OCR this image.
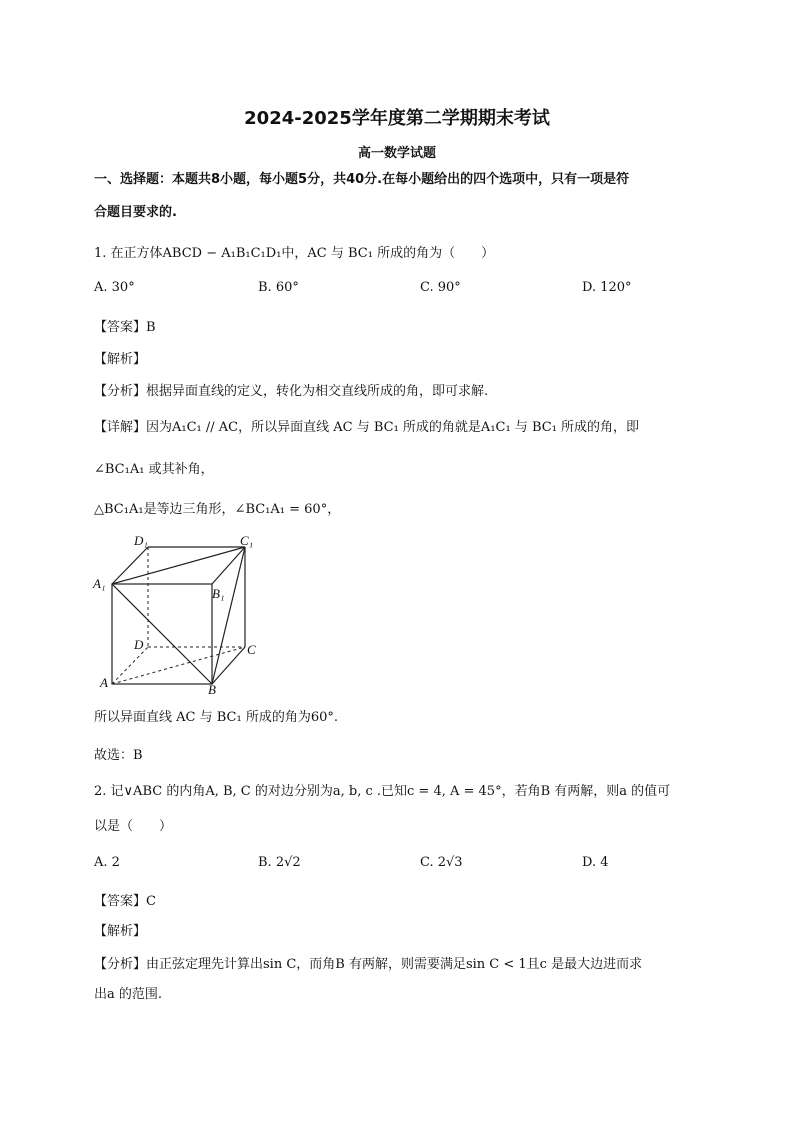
2024-2025学年度第二学期期末考试
高一数学试题
一、选择题：本题共8小题，每小题5分，共40分.在每小题给出的四个选项中，只有一项是符
合题目要求的.
1. 在正方体ABCD − A₁B₁C₁D₁中，AC 与 BC₁ 所成的角为（　　）
A. 30°	B. 60°	C. 90°	D. 120°
【答案】B
【解析】
【分析】根据异面直线的定义，转化为相交直线所成的角，即可求解.
【详解】因为A₁C₁ // AC，所以异面直线 AC 与 BC₁ 所成的角就是A₁C₁ 与 BC₁ 所成的角，即
∠BC₁A₁ 或其补角，
△BC₁A₁是等边三角形，∠BC₁A₁ = 60°，
D₁	C₁
A₁
B₁
D	C
A	B
所以异面直线 AC 与 BC₁ 所成的角为60°.
故选：B
2. 记∨ABC 的内角A, B, C 的对边分别为a, b, c .已知c = 4, A = 45°，若角B 有两解，则a 的值可
以是（　　）
A. 2	B. 2√2	C. 2√3	D. 4
【答案】C
【解析】
【分析】由正弦定理先计算出sin C，而角B 有两解，则需要满足sin C < 1且c 是最大边进而求
出a 的范围.
